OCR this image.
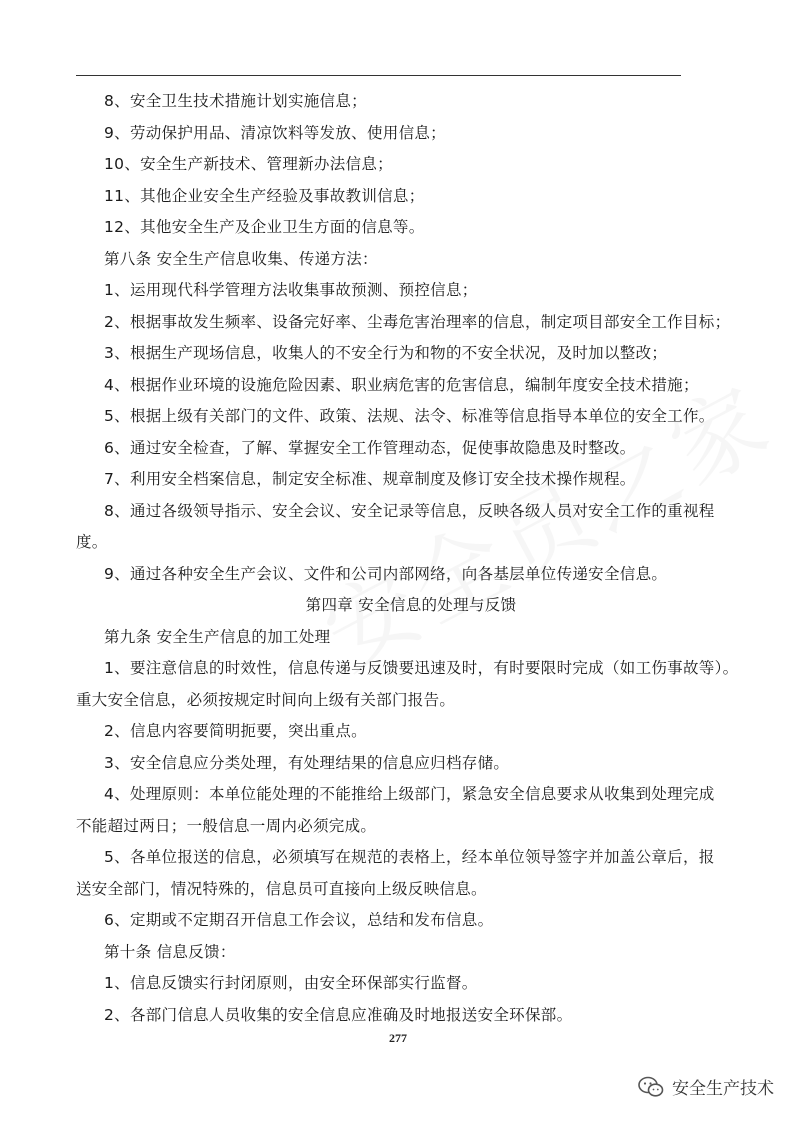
8、安全卫生技术措施计划实施信息；
9、劳动保护用品、清凉饮料等发放、使用信息；
10、安全生产新技术、管理新办法信息；
11、其他企业安全生产经验及事故教训信息；
12、其他安全生产及企业卫生方面的信息等。
第八条 安全生产信息收集、传递方法：
1、运用现代科学管理方法收集事故预测、预控信息；
2、根据事故发生频率、设备完好率、尘毒危害治理率的信息，制定项目部安全工作目标；
3、根据生产现场信息，收集人的不安全行为和物的不安全状况，及时加以整改；
4、根据作业环境的设施危险因素、职业病危害的危害信息，编制年度安全技术措施；
5、根据上级有关部门的文件、政策、法规、法令、标准等信息指导本单位的安全工作。
6、通过安全检查，了解、掌握安全工作管理动态，促使事故隐患及时整改。
7、利用安全档案信息，制定安全标准、规章制度及修订安全技术操作规程。
8、通过各级领导指示、安全会议、安全记录等信息，反映各级人员对安全工作的重视程
度。
9、通过各种安全生产会议、文件和公司内部网络，向各基层单位传递安全信息。
第四章 安全信息的处理与反馈
第九条 安全生产信息的加工处理
1、要注意信息的时效性，信息传递与反馈要迅速及时，有时要限时完成（如工伤事故等）。
重大安全信息，必须按规定时间向上级有关部门报告。
2、信息内容要简明扼要，突出重点。
3、安全信息应分类处理，有处理结果的信息应归档存储。
4、处理原则：本单位能处理的不能推给上级部门，紧急安全信息要求从收集到处理完成
不能超过两日；一般信息一周内必须完成。
5、各单位报送的信息，必须填写在规范的表格上，经本单位领导签字并加盖公章后，报
送安全部门，情况特殊的，信息员可直接向上级反映信息。
6、定期或不定期召开信息工作会议，总结和发布信息。
第十条 信息反馈：
1、信息反馈实行封闭原则，由安全环保部实行监督。
2、各部门信息人员收集的安全信息应准确及时地报送安全环保部。
277
安全生产技术
